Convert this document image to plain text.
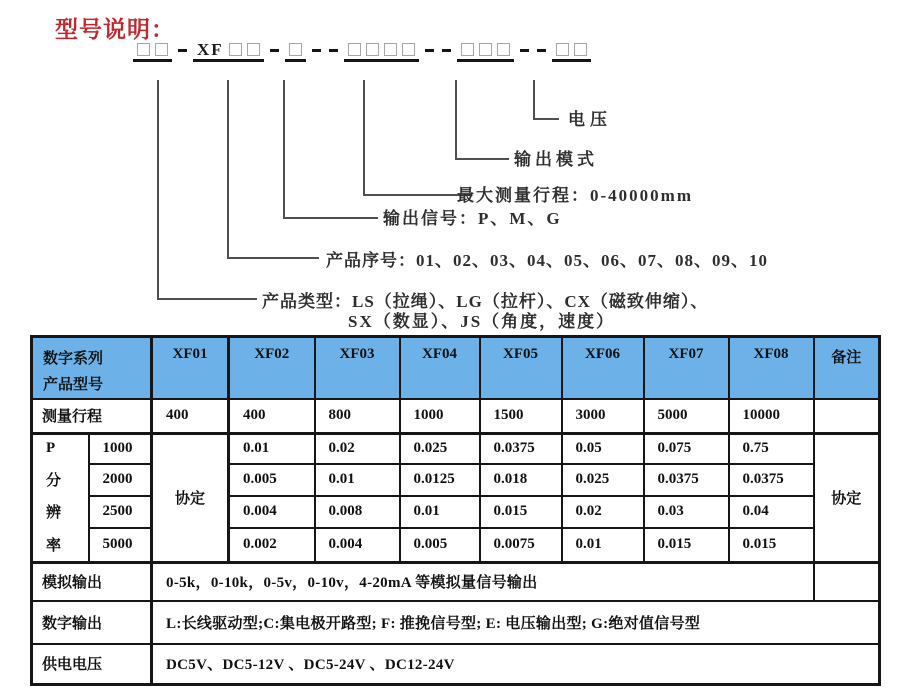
型号说明：
XF
电压
输出模式
最大测量行程：0-40000mm
输出信号：P、M、G
产品序号：01、02、03、04、05、06、07、08、09、10
产品类型：LS（拉绳）、LG（拉杆）、CX（磁致伸缩）、
SX（数显）、JS（角度，速度）
数字系列
产品型号		XF01	XF02	XF03	XF04	XF05	XF06	XF07	XF08	备注
测量行程		400	400	800	1000	1500	3000	5000	10000	

P
分
辨
率	1000	协定	0.01	0.02	0.025	0.0375	0.05	0.075	0.75	协定
	2000		0.005	0.01	0.0125	0.018	0.025	0.0375	0.0375	
	2500		0.004	0.008	0.01	0.015	0.02	0.03	0.04	
	5000		0.002	0.004	0.005	0.0075	0.01	0.015	0.015	
模拟输出		0-5k，0-10k，0-5v，0-10v，4-20mA 等模拟量信号输出								
数字输出		L:长线驱动型;C:集电极开路型; F: 推挽信号型; E: 电压输出型; G:绝对值信号型								
供电电压		DC5V、DC5-12V 、DC5-24V 、DC12-24V								
